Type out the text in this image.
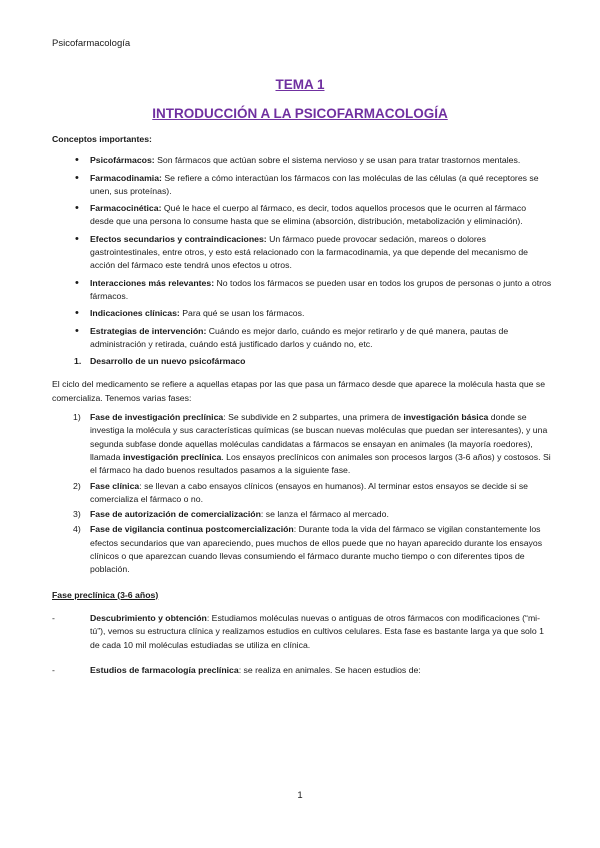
Psicofarmacología
TEMA 1
INTRODUCCIÓN A LA PSICOFARMACOLOGÍA

Conceptos importantes:

• Psicofármacos: Son fármacos que actúan sobre el sistema nervioso y se usan para tratar trastornos mentales.
• Farmacodinamia: Se refiere a cómo interactúan los fármacos con las moléculas de las células (a qué receptores se unen, sus proteínas).
• Farmacocinética: Qué le hace el cuerpo al fármaco, es decir, todos aquellos procesos que le ocurren al fármaco desde que una persona lo consume hasta que se elimina (absorción, distribución, metabolización y eliminación).
• Efectos secundarios y contraindicaciones: Un fármaco puede provocar sedación, mareos o dolores gastrointestinales, entre otros, y esto está relacionado con la farmacodinamia, ya que depende del mecanismo de acción del fármaco este tendrá unos efectos u otros.
• Interacciones más relevantes: No todos los fármacos se pueden usar en todos los grupos de personas o junto a otros fármacos.
• Indicaciones clínicas: Para qué se usan los fármacos.
• Estrategias de intervención: Cuándo es mejor darlo, cuándo es mejor retirarlo y de qué manera, pautas de administración y retirada, cuándo está justificado darlos y cuándo no, etc.

1. Desarrollo de un nuevo psicofármaco

El ciclo del medicamento se refiere a aquellas etapas por las que pasa un fármaco desde que aparece la molécula hasta que se comercializa. Tenemos varias fases:

1) Fase de investigación preclínica: Se subdivide en 2 subpartes, una primera de investigación básica donde se investiga la molécula y sus características químicas (se buscan nuevas moléculas que puedan ser interesantes), y una segunda subfase donde aquellas moléculas candidatas a fármacos se ensayan en animales (la mayoría roedores), llamada investigación preclínica. Los ensayos preclínicos con animales son procesos largos (3-6 años) y costosos. Si el fármaco ha dado buenos resultados pasamos a la siguiente fase.
2) Fase clínica: se llevan a cabo ensayos clínicos (ensayos en humanos). Al terminar estos ensayos se decide si se comercializa el fármaco o no.
3) Fase de autorización de comercialización: se lanza el fármaco al mercado.
4) Fase de vigilancia continua postcomercialización: Durante toda la vida del fármaco se vigilan constantemente los efectos secundarios que van apareciendo, pues muchos de ellos puede que no hayan aparecido durante los ensayos clínicos o que aparezcan cuando llevas consumiendo el fármaco durante mucho tiempo o con diferentes tipos de población.

Fase preclínica (3-6 años)

-	Descubrimiento y obtención: Estudiamos moléculas nuevas o antiguas de otros fármacos con modificaciones (“mi-tú”), vemos su estructura clínica y realizamos estudios en cultivos celulares. Esta fase es bastante larga ya que solo 1 de cada 10 mil moléculas estudiadas se utiliza en clínica.

-	Estudios de farmacología preclínica: se realiza en animales. Se hacen estudios de:

1
